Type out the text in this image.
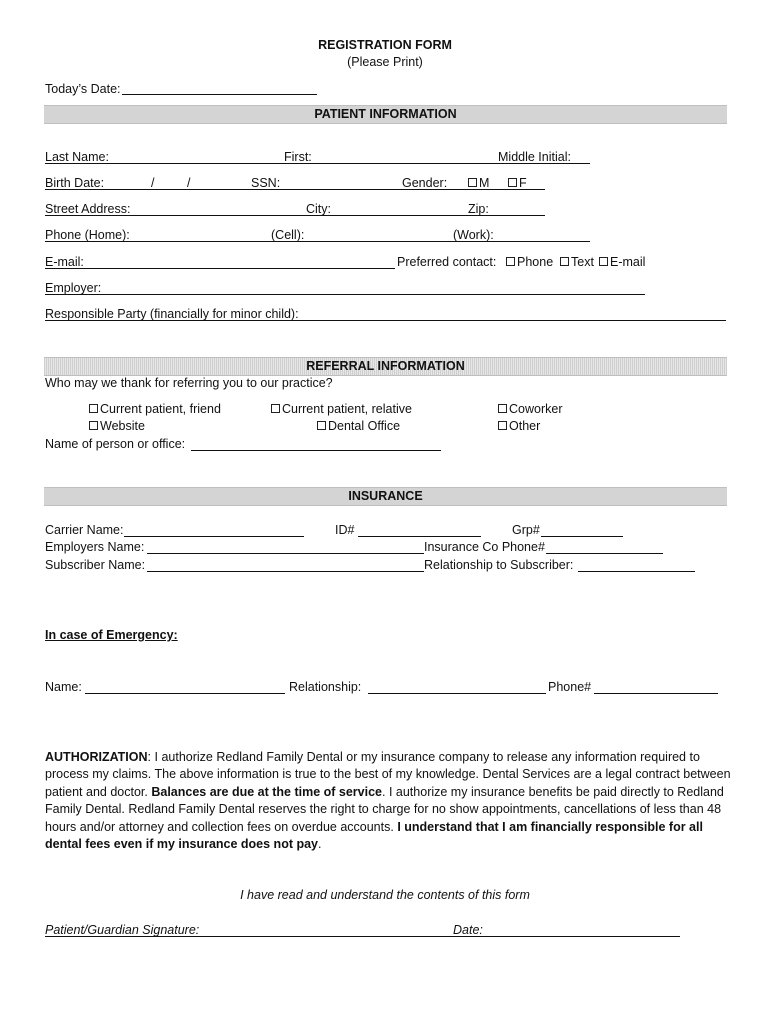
REGISTRATION FORM
(Please Print)
Today’s Date:
PATIENT INFORMATION
Last Name:	First:	Middle Initial:
Birth Date:	/	/	SSN:	Gender:	M	F
Street Address:	City:	Zip:
Phone (Home):	(Cell):	(Work):
E-mail:	Preferred contact:	Phone	Text	E-mail
Employer:
Responsible Party (financially for minor child):
REFERRAL INFORMATION
Who may we thank for referring you to our practice?
Current patient, friend	Current patient, relative	Coworker
Website	Dental Office	Other
Name of person or office:
INSURANCE
Carrier Name:	ID#	Grp#
Employers Name:	Insurance Co Phone#
Subscriber Name:	Relationship to Subscriber:
In case of Emergency:
Name:	Relationship:	Phone#
AUTHORIZATION: I authorize Redland Family Dental or my insurance company to release any information required to process my claims. The above information is true to the best of my knowledge. Dental Services are a legal contract between patient and doctor. Balances are due at the time of service. I authorize my insurance benefits be paid directly to Redland Family Dental. Redland Family Dental reserves the right to charge for no show appointments, cancellations of less than 48 hours and/or attorney and collection fees on overdue accounts. I understand that I am financially responsible for all dental fees even if my insurance does not pay.
I have read and understand the contents of this form
Patient/Guardian Signature:	Date:
